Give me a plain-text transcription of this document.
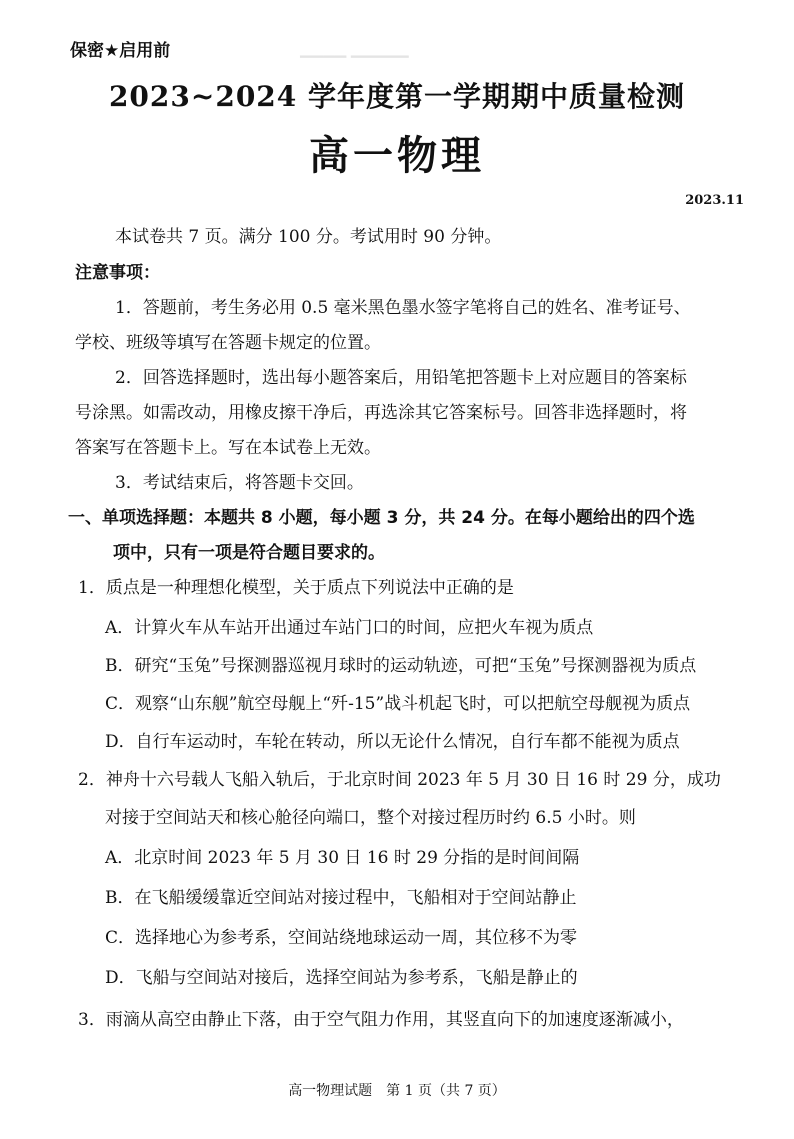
▁▁▁▁ ▁▁▁▁▁
保密★启用前
2023~2024 学年度第一学期期中质量检测
高一物理
2023.11
本试卷共 7 页。满分 100 分。考试用时 90 分钟。
注意事项：
1．答题前，考生务必用 0.5 毫米黑色墨水签字笔将自己的姓名、准考证号、
学校、班级等填写在答题卡规定的位置。
2．回答选择题时，选出每小题答案后，用铅笔把答题卡上对应题目的答案标
号涂黑。如需改动，用橡皮擦干净后，再选涂其它答案标号。回答非选择题时，将
答案写在答题卡上。写在本试卷上无效。
3．考试结束后，将答题卡交回。
一、单项选择题：本题共 8 小题，每小题 3 分，共 24 分。在每小题给出的四个选
项中，只有一项是符合题目要求的。
1．质点是一种理想化模型，关于质点下列说法中正确的是
A．计算火车从车站开出通过车站门口的时间，应把火车视为质点
B．研究“玉兔”号探测器巡视月球时的运动轨迹，可把“玉兔”号探测器视为质点
C．观察“山东舰”航空母舰上“歼-15”战斗机起飞时，可以把航空母舰视为质点
D．自行车运动时，车轮在转动，所以无论什么情况，自行车都不能视为质点
2．神舟十六号载人飞船入轨后，于北京时间 2023 年 5 月 30 日 16 时 29 分，成功
对接于空间站天和核心舱径向端口，整个对接过程历时约 6.5 小时。则
A．北京时间 2023 年 5 月 30 日 16 时 29 分指的是时间间隔
B．在飞船缓缓靠近空间站对接过程中，飞船相对于空间站静止
C．选择地心为参考系，空间站绕地球运动一周，其位移不为零
D．飞船与空间站对接后，选择空间站为参考系，飞船是静止的
3．雨滴从高空由静止下落，由于空气阻力作用，其竖直向下的加速度逐渐减小，
高一物理试题　第 1 页（共 7 页）
